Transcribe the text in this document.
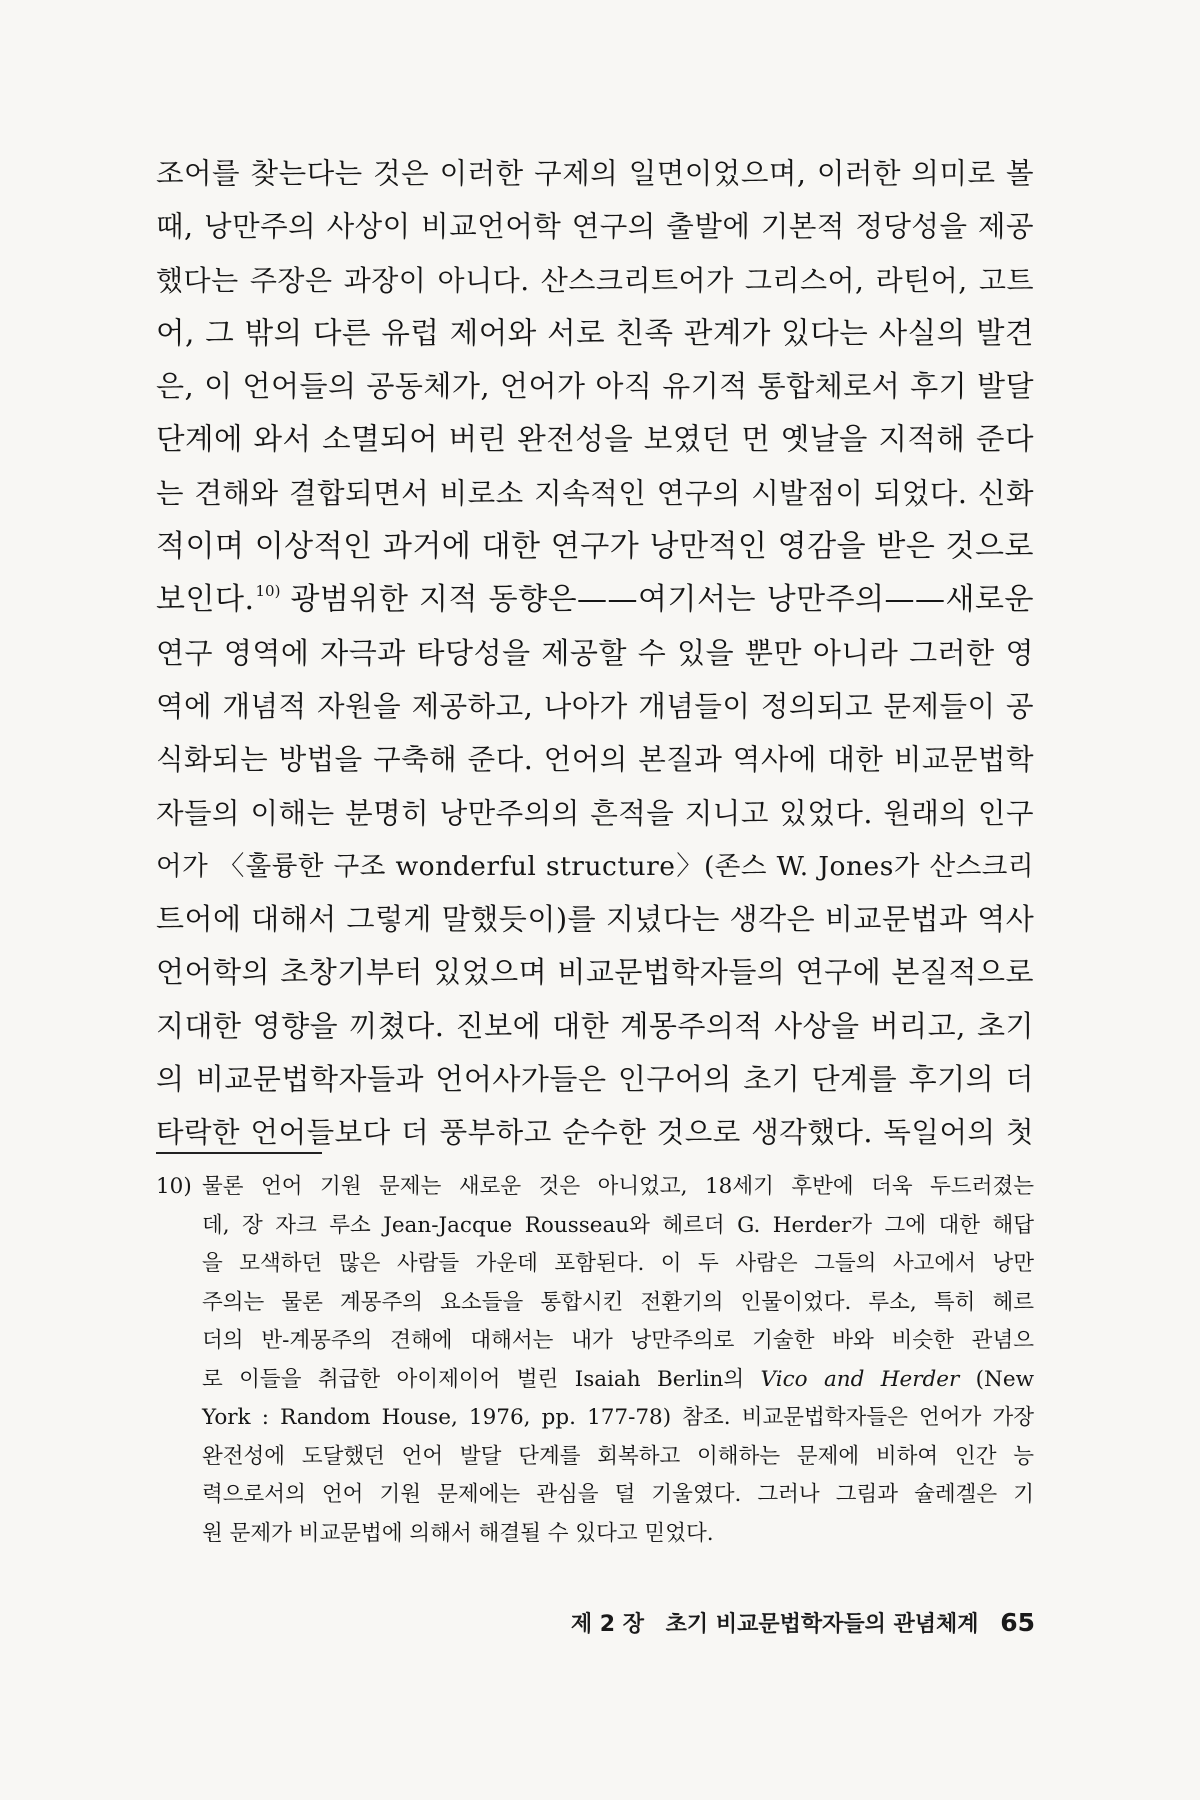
조어를 찾는다는 것은 이러한 구제의 일면이었으며, 이러한 의미로 볼
때, 낭만주의 사상이 비교언어학 연구의 출발에 기본적 정당성을 제공
했다는 주장은 과장이 아니다. 산스크리트어가 그리스어, 라틴어, 고트
어, 그 밖의 다른 유럽 제어와 서로 친족 관계가 있다는 사실의 발견
은, 이 언어들의 공동체가, 언어가 아직 유기적 통합체로서 후기 발달
단계에 와서 소멸되어 버린 완전성을 보였던 먼 옛날을 지적해 준다
는 견해와 결합되면서 비로소 지속적인 연구의 시발점이 되었다. 신화
적이며 이상적인 과거에 대한 연구가 낭만적인 영감을 받은 것으로
보인다.$^{10)}$ 광범위한 지적 동향은——여기서는 낭만주의——새로운
연구 영역에 자극과 타당성을 제공할 수 있을 뿐만 아니라 그러한 영
역에 개념적 자원을 제공하고, 나아가 개념들이 정의되고 문제들이 공
식화되는 방법을 구축해 준다. 언어의 본질과 역사에 대한 비교문법학
자들의 이해는 분명히 낭만주의의 흔적을 지니고 있었다. 원래의 인구
어가 〈훌륭한 구조 wonderful structure〉(존스 W. Jones가 산스크리
트어에 대해서 그렇게 말했듯이)를 지녔다는 생각은 비교문법과 역사
언어학의 초창기부터 있었으며 비교문법학자들의 연구에 본질적으로
지대한 영향을 끼쳤다. 진보에 대한 계몽주의적 사상을 버리고, 초기
의 비교문법학자들과 언어사가들은 인구어의 초기 단계를 후기의 더
타락한 언어들보다 더 풍부하고 순수한 것으로 생각했다. 독일어의 첫
10) 물론 언어 기원 문제는 새로운 것은 아니었고, 18세기 후반에 더욱 두드러졌는
데, 장 자크 루소 Jean-Jacque Rousseau와 헤르더 G. Herder가 그에 대한 해답
을 모색하던 많은 사람들 가운데 포함된다. 이 두 사람은 그들의 사고에서 낭만
주의는 물론 계몽주의 요소들을 통합시킨 전환기의 인물이었다. 루소, 특히 헤르
더의 반-계몽주의 견해에 대해서는 내가 낭만주의로 기술한 바와 비슷한 관념으
로 이들을 취급한 아이제이어 벌린 Isaiah Berlin의 Vico and Herder (New
York : Random House, 1976, pp. 177-78) 참조. 비교문법학자들은 언어가 가장
완전성에 도달했던 언어 발달 단계를 회복하고 이해하는 문제에 비하여 인간 능
력으로서의 언어 기원 문제에는 관심을 덜 기울였다. 그러나 그림과 슐레겔은 기
원 문제가 비교문법에 의해서 해결될 수 있다고 믿었다.
제 2 장 초기 비교문법학자들의 관념체계 65
